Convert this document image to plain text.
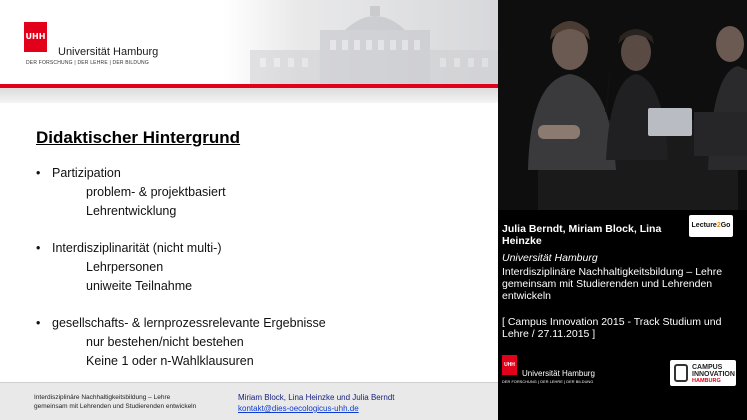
UHH
Universität Hamburg
DER FORSCHUNG | DER LEHRE | DER BILDUNG
Didaktischer Hintergrund
• Partizipation
problem- & projektbasiert
Lehrentwicklung
• Interdisziplinarität (nicht multi-)
Lehrpersonen
uniweite Teilnahme
• gesellschafts- & lernprozessrelevante Ergebnisse
nur bestehen/nicht bestehen
Keine 1 oder n-Wahlklausuren
Interdisziplinäre Nachhaltigkeitsbildung – Lehre
gemeinsam mit Lehrenden und Studierenden entwickeln
Miriam Block, Lina Heinzke und Julia Berndt
kontakt@dies-oecologicus-uhh.de
Lecture2Go
Julia Berndt, Miriam Block, Lina Heinzke
Universität Hamburg
Interdisziplinäre Nachhaltigkeitsbildung – Lehre gemeinsam mit Studierenden und Lehrenden entwickeln
[ Campus Innovation 2015 - Track Studium und Lehre / 27.11.2015 ]
UHH
Universität Hamburg
DER FORSCHUNG | DER LEHRE | DER BILDUNG
CAMPUS
INNOVATION
HAMBURG
